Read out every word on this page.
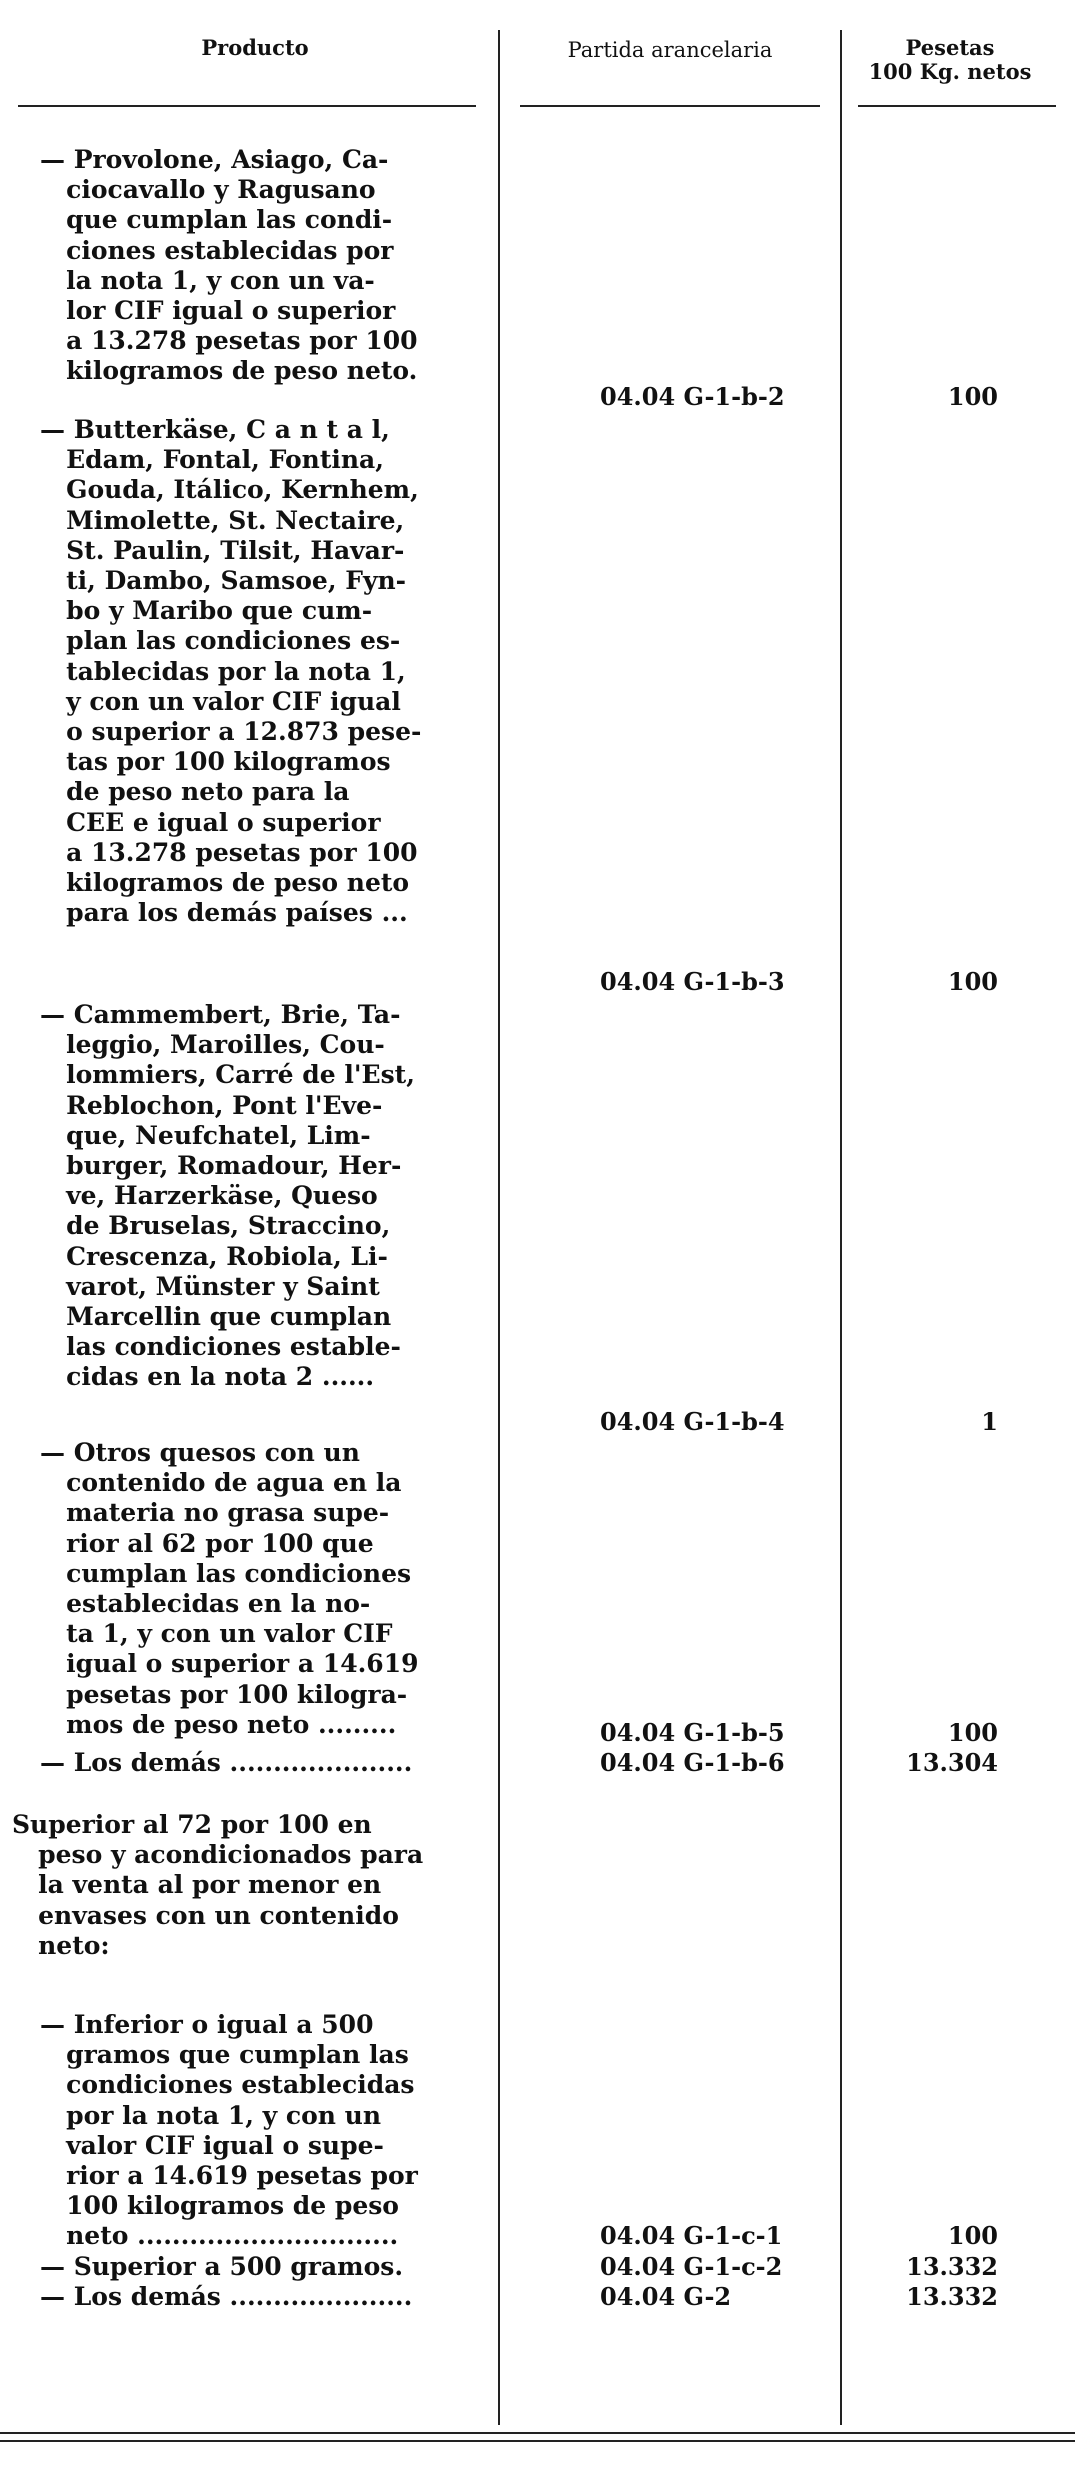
Producto	Partida arancelaria	Pesetas
100 Kg. netos
— Provolone, Asiago, Ca-
ciocavallo y Ragusano
que cumplan las condi-
ciones establecidas por
la nota 1, y con un va-
lor CIF igual o superior
a 13.278 pesetas por 100
kilogramos de peso neto.
04.04 G-1-b-2	100
— Butterkäse, C a n t a l,
Edam, Fontal, Fontina,
Gouda, Itálico, Kernhem,
Mimolette, St. Nectaire,
St. Paulin, Tilsit, Havar-
ti, Dambo, Samsoe, Fyn-
bo y Maribo que cum-
plan las condiciones es-
tablecidas por la nota 1,
y con un valor CIF igual
o superior a 12.873 pese-
tas por 100 kilogramos
de peso neto para la
CEE e igual o superior
a 13.278 pesetas por 100
kilogramos de peso neto
para los demás países ...
04.04 G-1-b-3	100
— Cammembert, Brie, Ta-
leggio, Maroilles, Cou-
lommiers, Carré de l'Est,
Reblochon, Pont l'Eve-
que, Neufchatel, Lim-
burger, Romadour, Her-
ve, Harzerkäse, Queso
de Bruselas, Straccino,
Crescenza, Robiola, Li-
varot, Münster y Saint
Marcellin que cumplan
las condiciones estable-
cidas en la nota 2 ......
04.04 G-1-b-4	1
— Otros quesos con un
contenido de agua en la
materia no grasa supe-
rior al 62 por 100 que
cumplan las condiciones
establecidas en la no-
ta 1, y con un valor CIF
igual o superior a 14.619
pesetas por 100 kilogra-
mos de peso neto .........	04.04 G-1-b-5	100
— Los demás .....................	04.04 G-1-b-6	13.304
Superior al 72 por 100 en
peso y acondicionados para
la venta al por menor en
envases con un contenido
neto:
— Inferior o igual a 500
gramos que cumplan las
condiciones establecidas
por la nota 1, y con un
valor CIF igual o supe-
rior a 14.619 pesetas por
100 kilogramos de peso
neto ..............................	04.04 G-1-c-1	100
— Superior a 500 gramos.	04.04 G-1-c-2	13.332
— Los demás .....................	04.04 G-2	13.332
